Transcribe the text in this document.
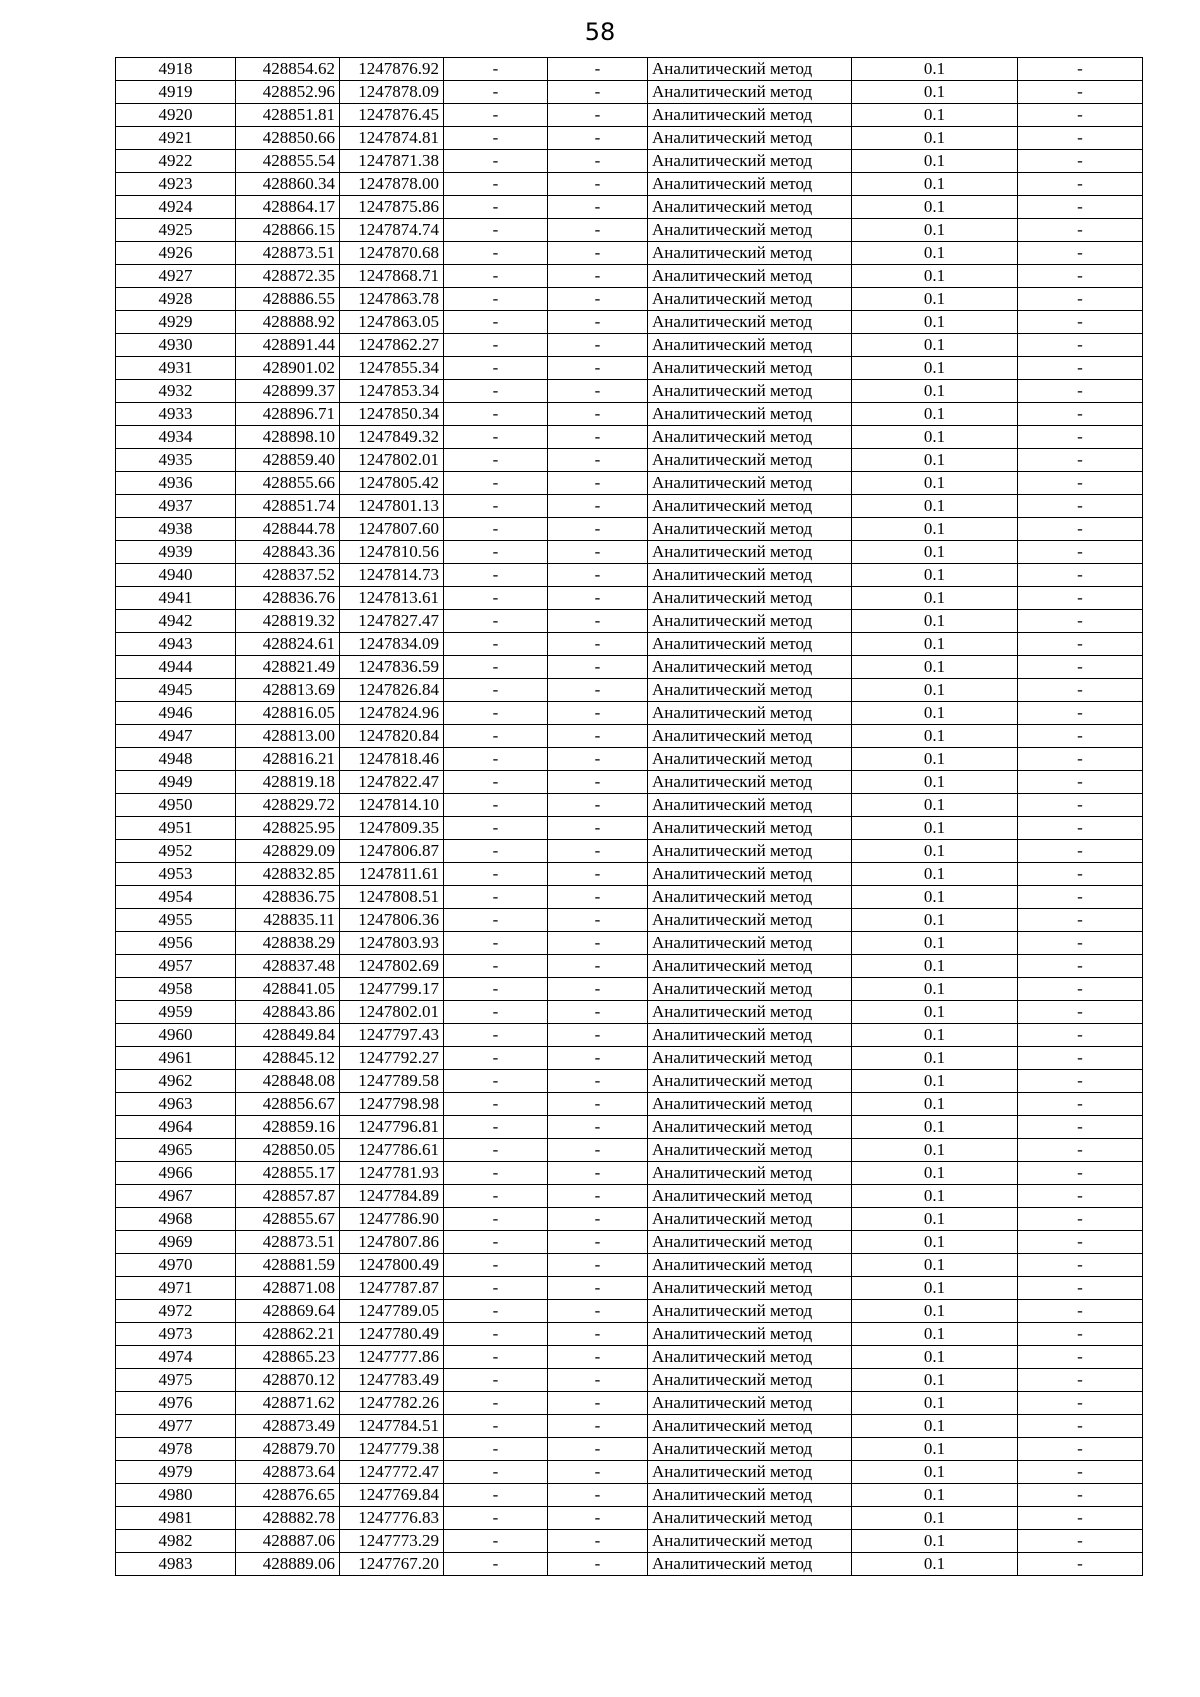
58
4918	428854.62	1247876.92	-	-	Аналитический метод	0.1	-
4919	428852.96	1247878.09	-	-	Аналитический метод	0.1	-
4920	428851.81	1247876.45	-	-	Аналитический метод	0.1	-
4921	428850.66	1247874.81	-	-	Аналитический метод	0.1	-
4922	428855.54	1247871.38	-	-	Аналитический метод	0.1	-
4923	428860.34	1247878.00	-	-	Аналитический метод	0.1	-
4924	428864.17	1247875.86	-	-	Аналитический метод	0.1	-
4925	428866.15	1247874.74	-	-	Аналитический метод	0.1	-
4926	428873.51	1247870.68	-	-	Аналитический метод	0.1	-
4927	428872.35	1247868.71	-	-	Аналитический метод	0.1	-
4928	428886.55	1247863.78	-	-	Аналитический метод	0.1	-
4929	428888.92	1247863.05	-	-	Аналитический метод	0.1	-
4930	428891.44	1247862.27	-	-	Аналитический метод	0.1	-
4931	428901.02	1247855.34	-	-	Аналитический метод	0.1	-
4932	428899.37	1247853.34	-	-	Аналитический метод	0.1	-
4933	428896.71	1247850.34	-	-	Аналитический метод	0.1	-
4934	428898.10	1247849.32	-	-	Аналитический метод	0.1	-
4935	428859.40	1247802.01	-	-	Аналитический метод	0.1	-
4936	428855.66	1247805.42	-	-	Аналитический метод	0.1	-
4937	428851.74	1247801.13	-	-	Аналитический метод	0.1	-
4938	428844.78	1247807.60	-	-	Аналитический метод	0.1	-
4939	428843.36	1247810.56	-	-	Аналитический метод	0.1	-
4940	428837.52	1247814.73	-	-	Аналитический метод	0.1	-
4941	428836.76	1247813.61	-	-	Аналитический метод	0.1	-
4942	428819.32	1247827.47	-	-	Аналитический метод	0.1	-
4943	428824.61	1247834.09	-	-	Аналитический метод	0.1	-
4944	428821.49	1247836.59	-	-	Аналитический метод	0.1	-
4945	428813.69	1247826.84	-	-	Аналитический метод	0.1	-
4946	428816.05	1247824.96	-	-	Аналитический метод	0.1	-
4947	428813.00	1247820.84	-	-	Аналитический метод	0.1	-
4948	428816.21	1247818.46	-	-	Аналитический метод	0.1	-
4949	428819.18	1247822.47	-	-	Аналитический метод	0.1	-
4950	428829.72	1247814.10	-	-	Аналитический метод	0.1	-
4951	428825.95	1247809.35	-	-	Аналитический метод	0.1	-
4952	428829.09	1247806.87	-	-	Аналитический метод	0.1	-
4953	428832.85	1247811.61	-	-	Аналитический метод	0.1	-
4954	428836.75	1247808.51	-	-	Аналитический метод	0.1	-
4955	428835.11	1247806.36	-	-	Аналитический метод	0.1	-
4956	428838.29	1247803.93	-	-	Аналитический метод	0.1	-
4957	428837.48	1247802.69	-	-	Аналитический метод	0.1	-
4958	428841.05	1247799.17	-	-	Аналитический метод	0.1	-
4959	428843.86	1247802.01	-	-	Аналитический метод	0.1	-
4960	428849.84	1247797.43	-	-	Аналитический метод	0.1	-
4961	428845.12	1247792.27	-	-	Аналитический метод	0.1	-
4962	428848.08	1247789.58	-	-	Аналитический метод	0.1	-
4963	428856.67	1247798.98	-	-	Аналитический метод	0.1	-
4964	428859.16	1247796.81	-	-	Аналитический метод	0.1	-
4965	428850.05	1247786.61	-	-	Аналитический метод	0.1	-
4966	428855.17	1247781.93	-	-	Аналитический метод	0.1	-
4967	428857.87	1247784.89	-	-	Аналитический метод	0.1	-
4968	428855.67	1247786.90	-	-	Аналитический метод	0.1	-
4969	428873.51	1247807.86	-	-	Аналитический метод	0.1	-
4970	428881.59	1247800.49	-	-	Аналитический метод	0.1	-
4971	428871.08	1247787.87	-	-	Аналитический метод	0.1	-
4972	428869.64	1247789.05	-	-	Аналитический метод	0.1	-
4973	428862.21	1247780.49	-	-	Аналитический метод	0.1	-
4974	428865.23	1247777.86	-	-	Аналитический метод	0.1	-
4975	428870.12	1247783.49	-	-	Аналитический метод	0.1	-
4976	428871.62	1247782.26	-	-	Аналитический метод	0.1	-
4977	428873.49	1247784.51	-	-	Аналитический метод	0.1	-
4978	428879.70	1247779.38	-	-	Аналитический метод	0.1	-
4979	428873.64	1247772.47	-	-	Аналитический метод	0.1	-
4980	428876.65	1247769.84	-	-	Аналитический метод	0.1	-
4981	428882.78	1247776.83	-	-	Аналитический метод	0.1	-
4982	428887.06	1247773.29	-	-	Аналитический метод	0.1	-
4983	428889.06	1247767.20	-	-	Аналитический метод	0.1	-
